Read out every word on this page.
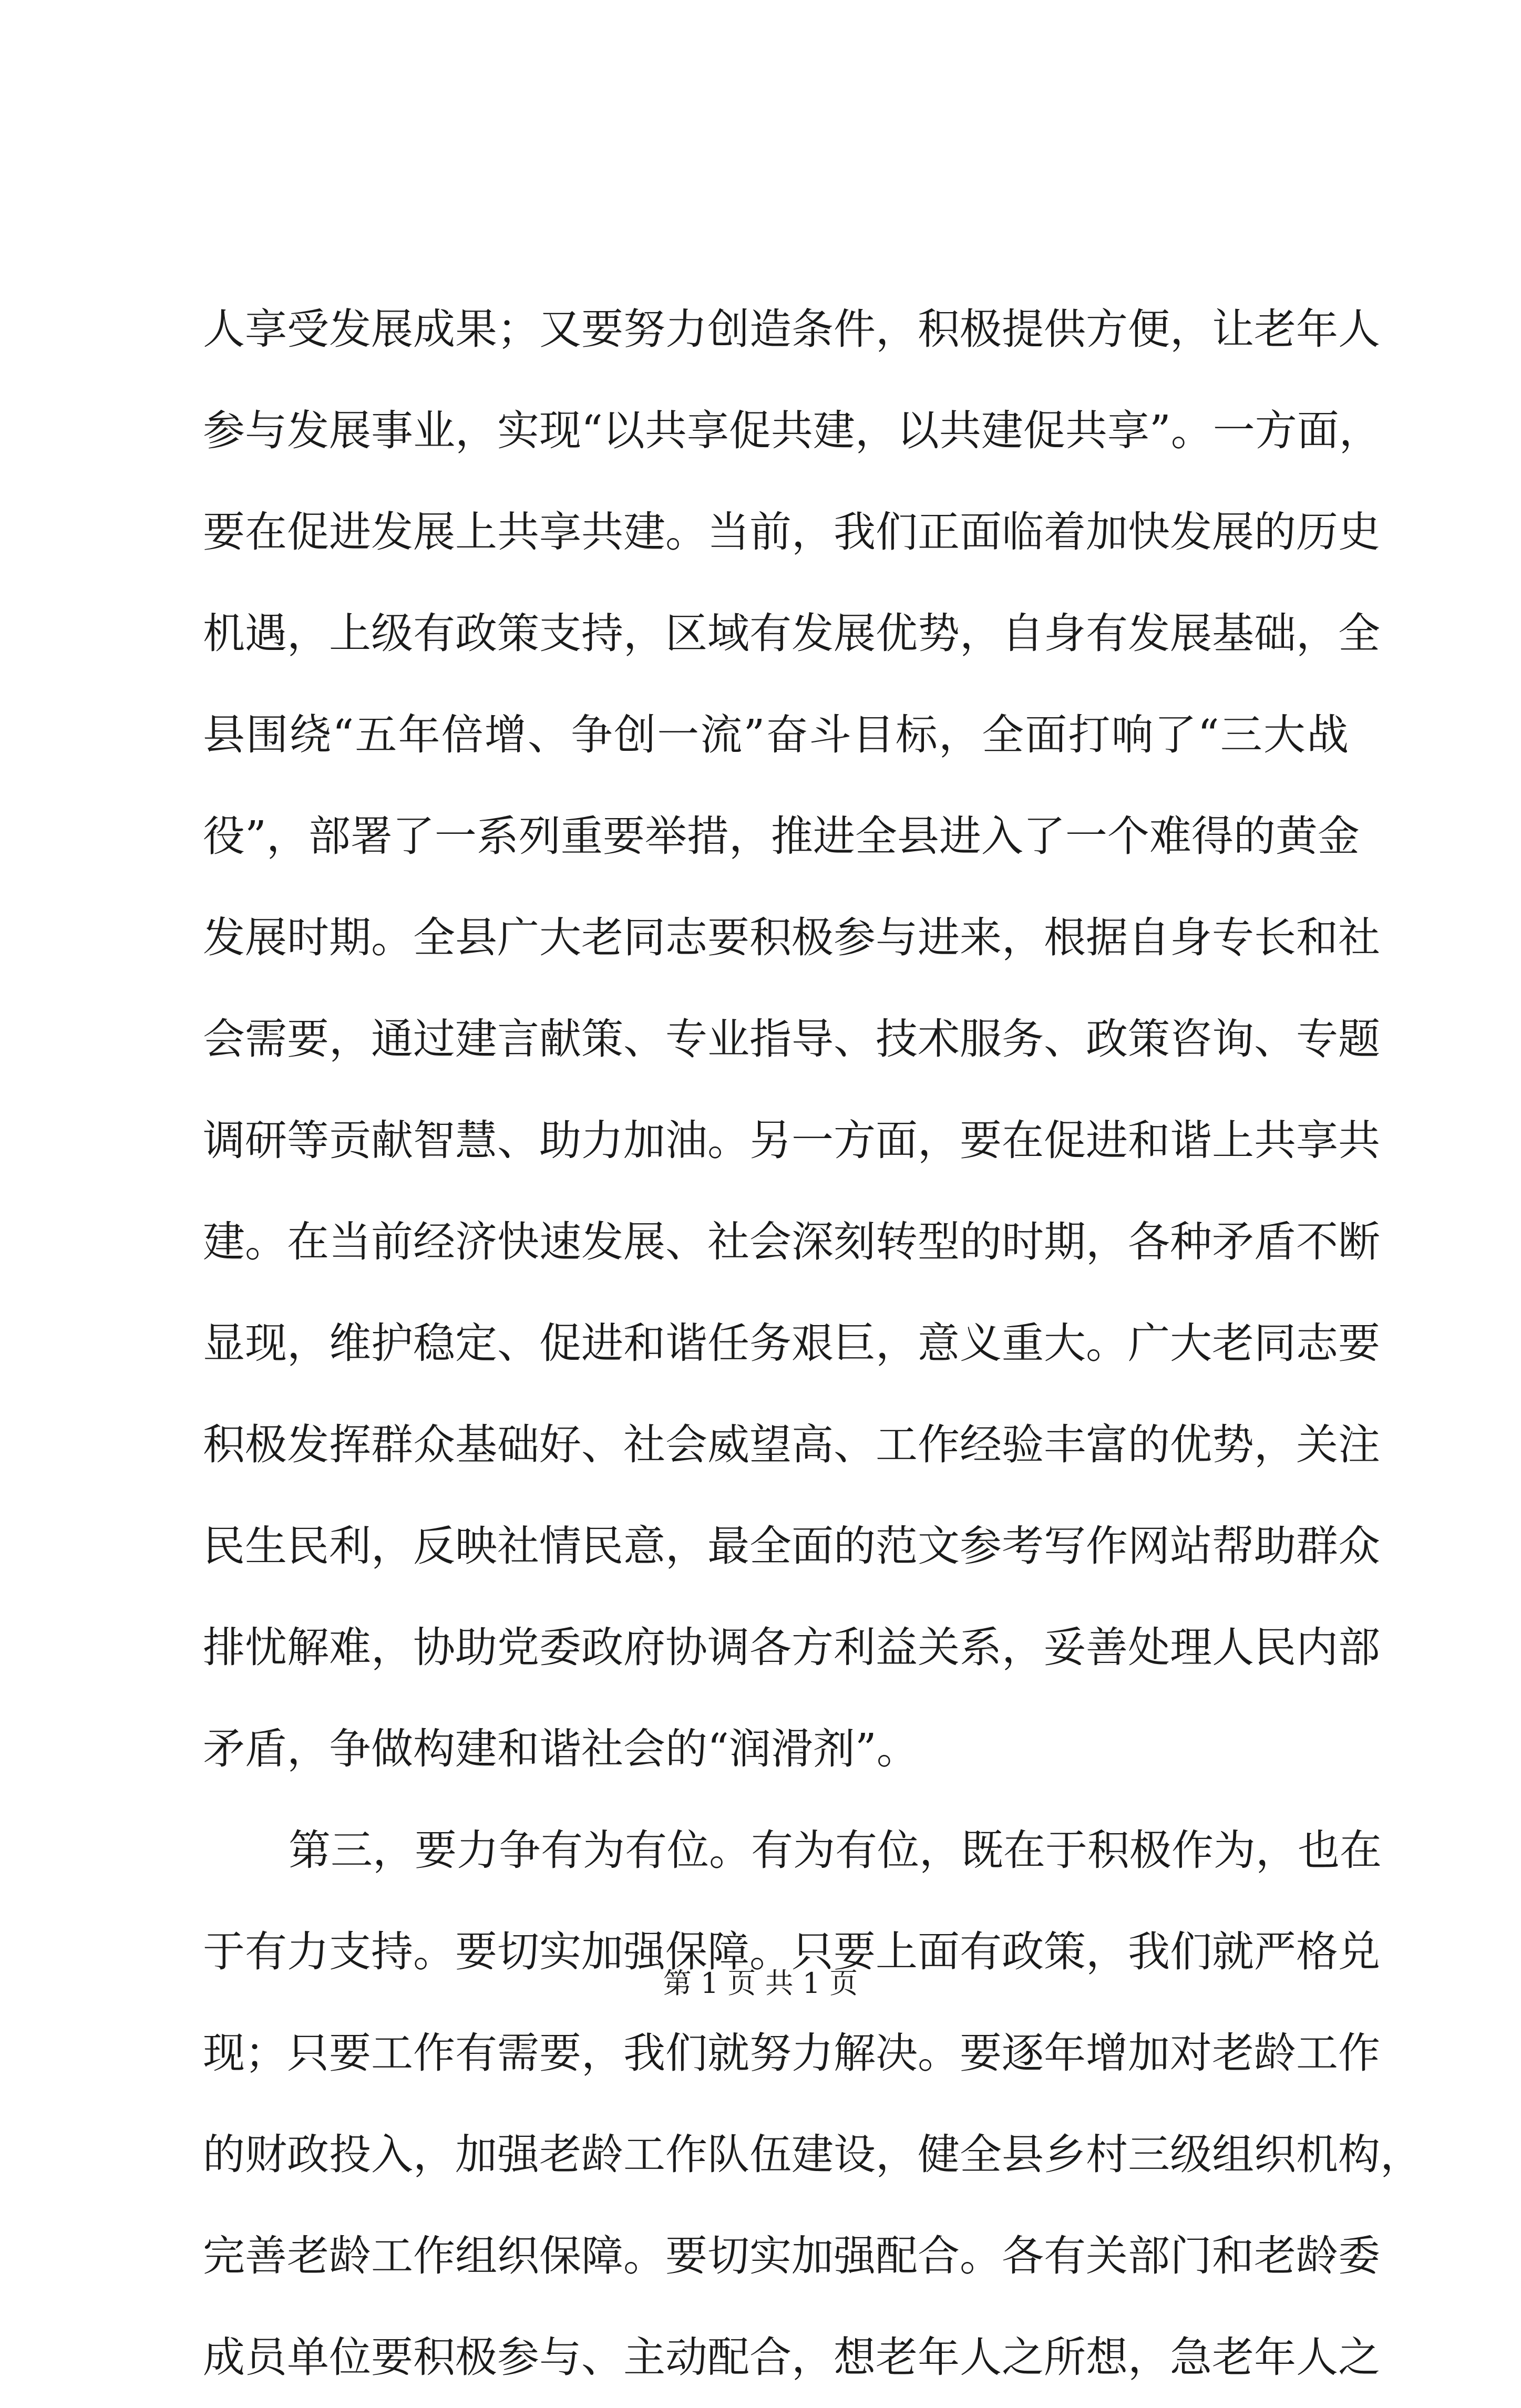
人享受发展成果；又要努力创造条件，积极提供方便，让老年人
参与发展事业，实现“以共享促共建，以共建促共享”。一方面，
要在促进发展上共享共建。当前，我们正面临着加快发展的历史
机遇，上级有政策支持，区域有发展优势，自身有发展基础，全
县围绕“五年倍增、争创一流”奋斗目标，全面打响了“三大战
役”，部署了一系列重要举措，推进全县进入了一个难得的黄金
发展时期。全县广大老同志要积极参与进来，根据自身专长和社
会需要，通过建言献策、专业指导、技术服务、政策咨询、专题
调研等贡献智慧、助力加油。另一方面，要在促进和谐上共享共
建。在当前经济快速发展、社会深刻转型的时期，各种矛盾不断
显现，维护稳定、促进和谐任务艰巨，意义重大。广大老同志要
积极发挥群众基础好、社会威望高、工作经验丰富的优势，关注
民生民利，反映社情民意，最全面的范文参考写作网站帮助群众
排忧解难，协助党委政府协调各方利益关系，妥善处理人民内部
矛盾，争做构建和谐社会的“润滑剂”。
第三，要力争有为有位。有为有位，既在于积极作为，也在
于有力支持。要切实加强保障。只要上面有政策，我们就严格兑
现；只要工作有需要，我们就努力解决。要逐年增加对老龄工作
的财政投入，加强老龄工作队伍建设，健全县乡村三级组织机构，
完善老龄工作组织保障。要切实加强配合。各有关部门和老龄委
成员单位要积极参与、主动配合，想老年人之所想，急老年人之
第 1 页 共 1 页
